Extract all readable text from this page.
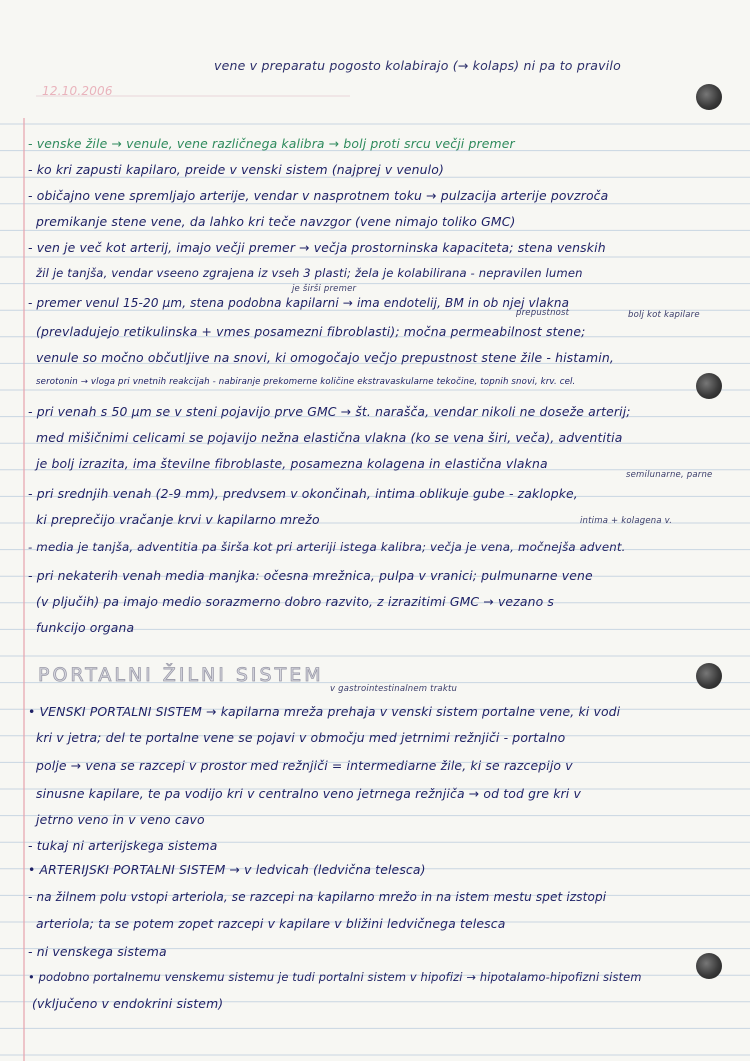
vene v preparatu pogosto kolabirajo (→ kolaps) ni pa to pravilo
12.10.2006
- venske žile → venule, vene različnega kalibra → bolj proti srcu večji premer
- ko kri zapusti kapilaro, preide v venski sistem (najprej v venulo)
- običajno vene spremljajo arterije, vendar v nasprotnem toku → pulzacija arterije povzroča
premikanje stene vene, da lahko kri teče navzgor (vene nimajo toliko GMC)
- ven je več kot arterij, imajo večji premer → večja prostorninska kapaciteta; stena venskih
žil je tanjša, vendar vseeno zgrajena iz vseh 3 plasti; žela je kolabilirana - nepravilen lumen
je širši premer
- premer venul 15-20 μm, stena podobna kapilarni → ima endotelij, BM in ob njej vlakna
prepustnost	bolj kot kapilare
(prevladujejo retikulinska + vmes posamezni fibroblasti); močna permeabilnost stene;
venule so močno občutljive na snovi, ki omogočajo večjo prepustnost stene žile - histamin,
serotonin → vloga pri vnetnih reakcijah - nabiranje prekomerne količine ekstravaskularne tekočine, topnih snovi, krv. cel.
- pri venah s 50 μm se v steni pojavijo prve GMC → št. narašča, vendar nikoli ne doseže arterij;
med mišičnimi celicami se pojavijo nežna elastična vlakna (ko se vena širi, veča), adventitia
je bolj izrazita, ima številne fibroblaste, posamezna kolagena in elastična vlakna
semilunarne, parne
- pri srednjih venah (2-9 mm), predvsem v okončinah, intima oblikuje gube - zaklopke,
ki preprečijo vračanje krvi v kapilarno mrežo	intima + kolagena v.
- media je tanjša, adventitia pa širša kot pri arteriji istega kalibra; večja je vena, močnejša advent.
- pri nekaterih venah media manjka: očesna mrežnica, pulpa v vranici; pulmunarne vene
(v pljučih) pa imajo medio sorazmerno dobro razvito, z izrazitimi GMC → vezano s
funkcijo organa
PORTALNI ŽILNI SISTEM
v gastrointestinalnem traktu
• VENSKI PORTALNI SISTEM → kapilarna mreža prehaja v venski sistem portalne vene, ki vodi
kri v jetra; del te portalne vene se pojavi v območju med jetrnimi režnjiči - portalno
polje → vena se razcepi v prostor med režnjiči = intermediarne žile, ki se razcepijo v
sinusne kapilare, te pa vodijo kri v centralno veno jetrnega režnjiča → od tod gre kri v
jetrno veno in v veno cavo
- tukaj ni arterijskega sistema
• ARTERIJSKI PORTALNI SISTEM → v ledvicah (ledvična telesca)
- na žilnem polu vstopi arteriola, se razcepi na kapilarno mrežo in na istem mestu spet izstopi
arteriola; ta se potem zopet razcepi v kapilare v bližini ledvičnega telesca
- ni venskega sistema
• podobno portalnemu venskemu sistemu je tudi portalni sistem v hipofizi → hipotalamo-hipofizni sistem
(vključeno v endokrini sistem)
